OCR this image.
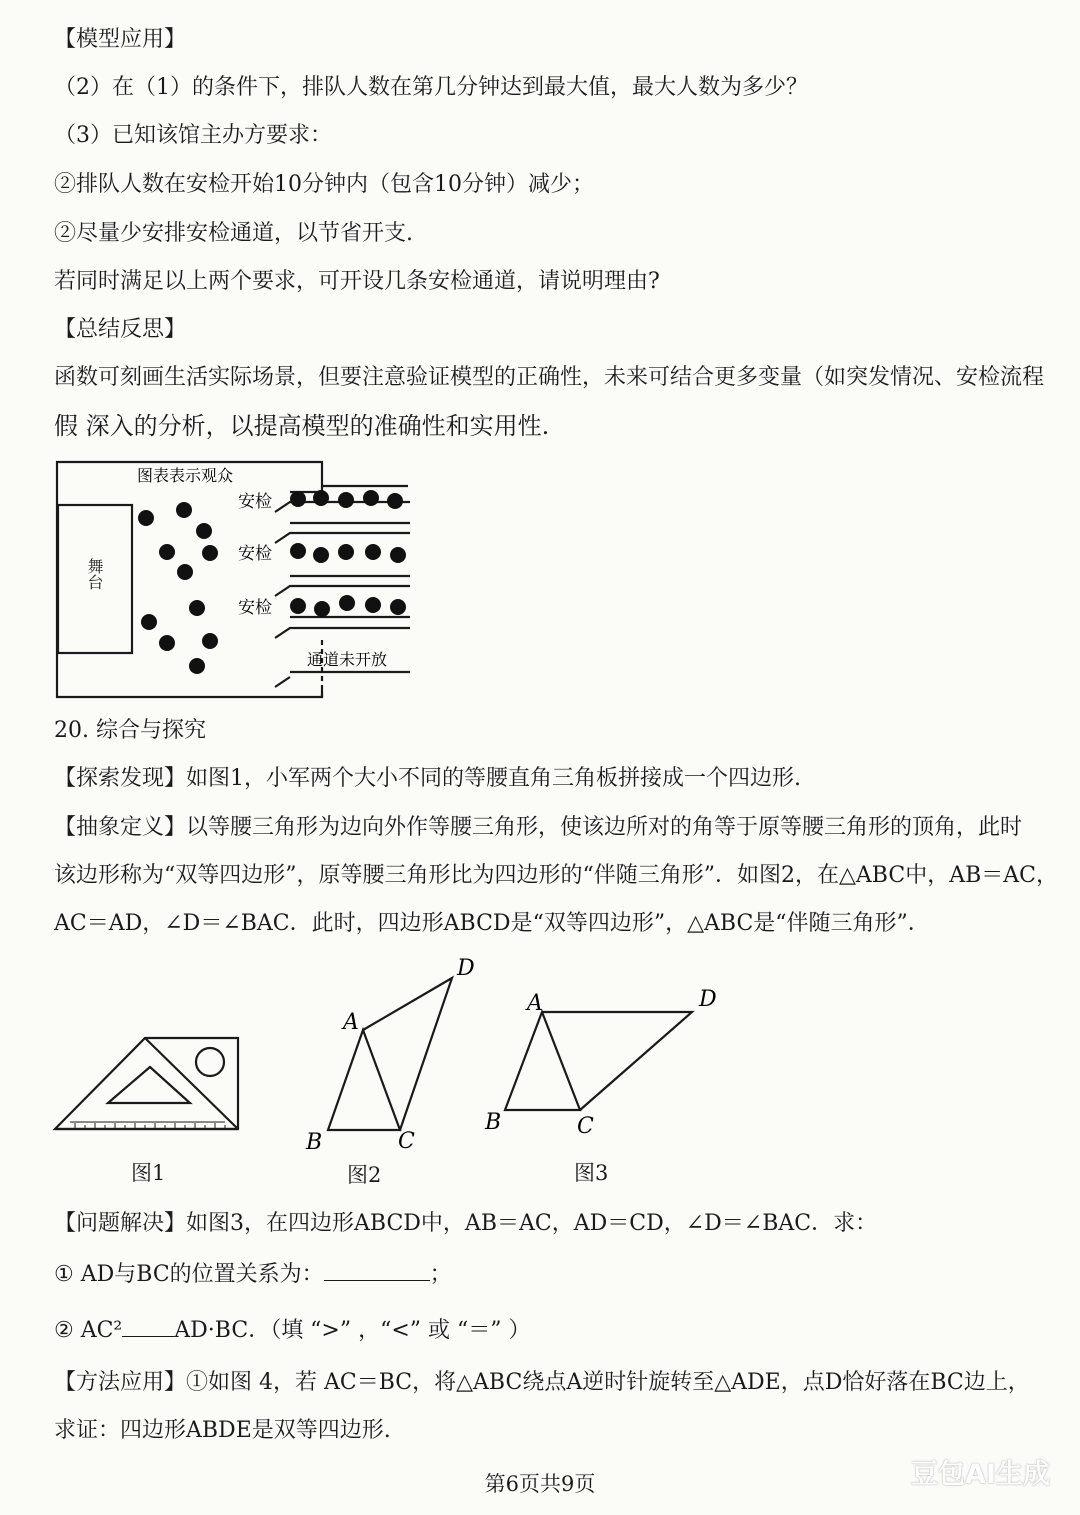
【模型应用】
（2）在（1）的条件下，排队人数在第几分钟达到最大值，最大人数为多少？
（3）已知该馆主办方要求：
②排队人数在安检开始10分钟内（包含10分钟）减少；
②尽量少安排安检通道，以节省开支.
若同时满足以上两个要求，可开设几条安检通道，请说明理由?
【总结反思】
函数可刻画生活实际场景，但要注意验证模型的正确性，未来可结合更多变量（如突发情况、安检流程
假 深入的分析，以提高模型的准确性和实用性.
图表表示观众
安检
安检
安检
通道未开放
舞台
20. 综合与探究
【探索发现】如图1，小军两个大小不同的等腰直角三角板拼接成一个四边形.
【抽象定义】以等腰三角形为边向外作等腰三角形，使该边所对的角等于原等腰三角形的顶角，此时
该边形称为“双等四边形”，原等腰三角形比为四边形的“伴随三角形”．如图2，在△ABC中，AB＝AC，
AC＝AD，∠D＝∠BAC．此时，四边形ABCD是“双等四边形”，△ABC是“伴随三角形”．
A
B	C
D
A
B	C
D
图1	图2	图3
【问题解决】如图3，在四边形ABCD中，AB＝AC，AD＝CD，∠D＝∠BAC．求：
① AD与BC的位置关系为：	；
② AC² AD·BC．（填 “>” ，“<” 或 “＝” ）
【方法应用】①如图 4，若 AC＝BC，将△ABC绕点A逆时针旋转至△ADE，点D恰好落在BC边上，
求证：四边形ABDE是双等四边形.
第6页共9页	豆包AI生成
